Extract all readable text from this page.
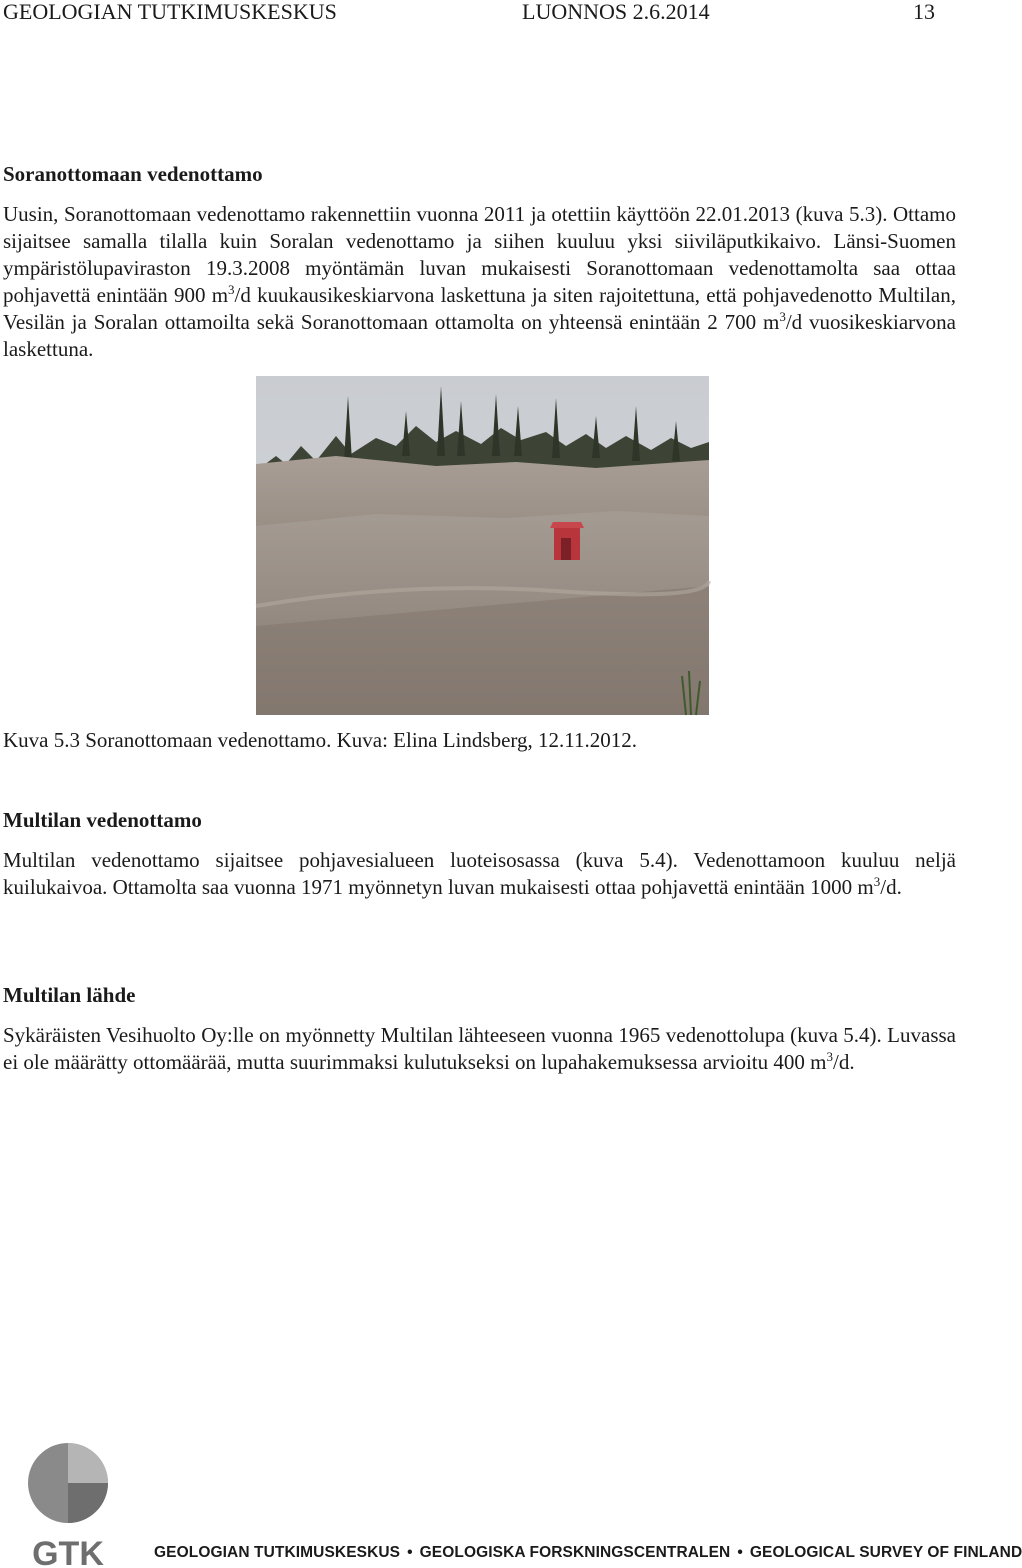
GEOLOGIAN TUTKIMUSKESKUS	LUONNOS 2.6.2014	13
Soranottomaan vedenottamo

Uusin, Soranottomaan vedenottamo rakennettiin vuonna 2011 ja otettiin käyttöön 22.01.2013 (kuva 5.3). Ottamo sijaitsee samalla tilalla kuin Soralan vedenottamo ja siihen kuuluu yksi siiviläputkikaivo. Länsi-Suomen ympäristölupaviraston 19.3.2008 myöntämän luvan mukaisesti Soranottomaan vedenottamolta saa ottaa pohjavettä enintään 900 $m^3/d$ kuukausikeskiarvona laskettuna ja siten rajoitettuna, että pohjavedenotto Multilan, Vesilän ja Soralan ottamoilta sekä Soranottomaan ottamolta on yhteensä enintään 2 700 $m^3/d$ vuosikeskiarvona laskettuna.

Kuva 5.3 Soranottomaan vedenottamo. Kuva: Elina Lindsberg, 12.11.2012.
Multilan vedenottamo

Multilan vedenottamo sijaitsee pohjavesialueen luoteisosassa (kuva 5.4). Vedenottamoon kuuluu neljä kuilukaivoa. Ottamolta saa vuonna 1971 myönnetyn luvan mukaisesti ottaa pohjavettä enintään 1000 $m^3/d$.

Multilan lähde

Sykäräisten Vesihuolto Oy:lle on myönnetty Multilan lähteeseen vuonna 1965 vedenottolupa (kuva 5.4). Luvassa ei ole määrätty ottomäärää, mutta suurimmaksi kulutukseksi on lupahakemuksessa arvioitu 400 $m^3/d$.

GTK	GEOLOGIAN TUTKIMUSKESKUS • GEOLOGISKA FORSKNINGSCENTRALEN • GEOLOGICAL SURVEY OF FINLAND
